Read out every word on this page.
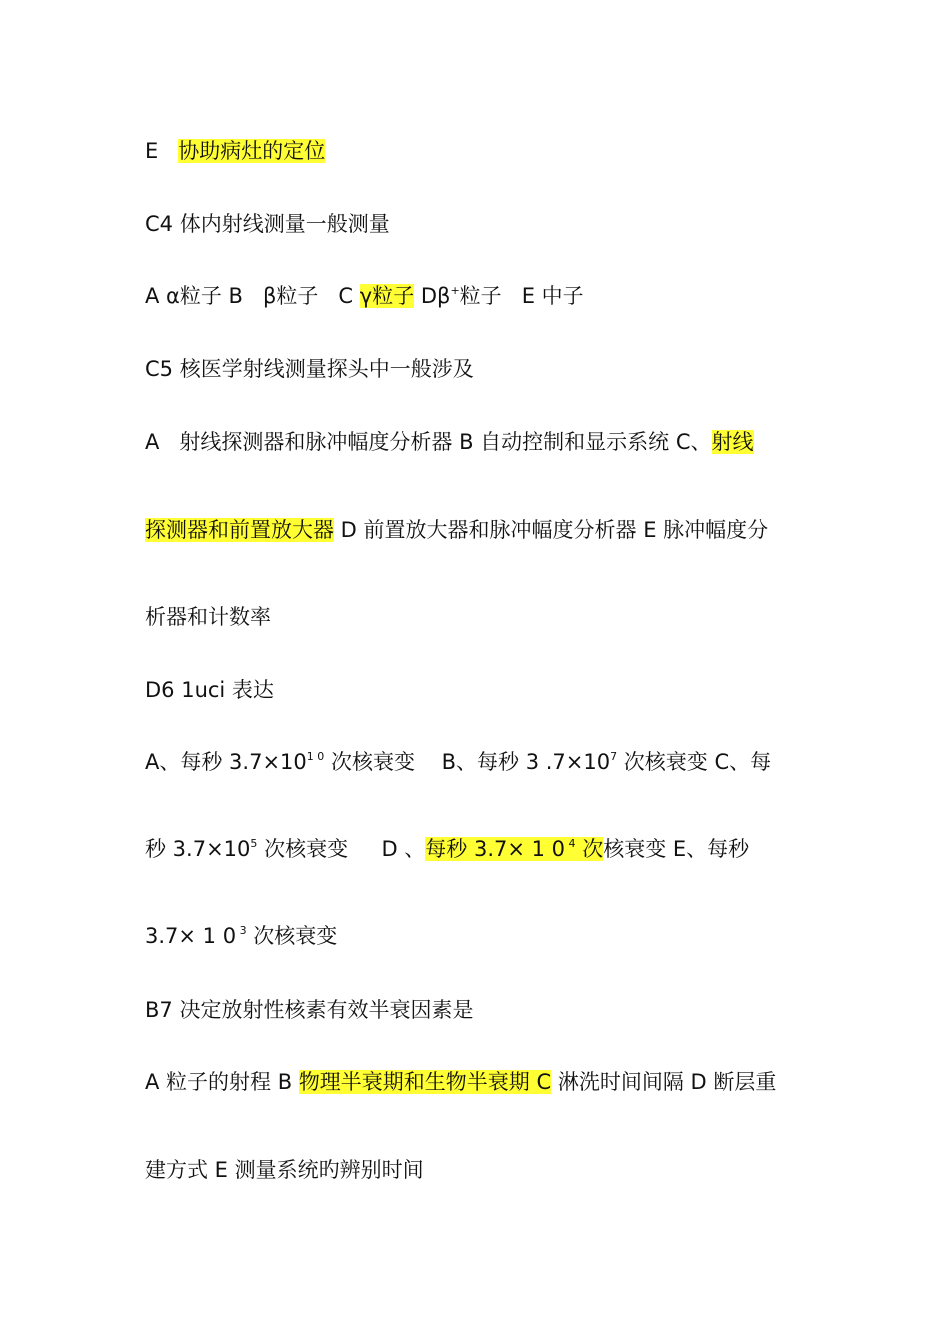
E   协助病灶的定位
C4 体内射线测量一般测量
A α粒子 B   β粒子   C γ粒子 Dβ+粒子   E 中子
C5 核医学射线测量探头中一般涉及
A   射线探测器和脉冲幅度分析器 B 自动控制和显示系统 C、射线
探测器和前置放大器 D 前置放大器和脉冲幅度分析器 E 脉冲幅度分
析器和计数率
D6 1uci 表达
A、每秒 $3.7\times 10^{1 0}$ 次核衰变    B、每秒 3 $.7\times 10^7$ 次核衰变 C、每
秒 $3.7\times 10^5$ 次核衰变     D 、每秒 3.7× 1 0 $^4$ 次核衰变 E、每秒
3.7× 1 0 $^3$ 次核衰变
B7 决定放射性核素有效半衰因素是
A 粒子的射程 B 物理半衰期和生物半衰期 C 淋洗时间间隔 D 断层重
建方式 E 测量系统旳辨别时间
